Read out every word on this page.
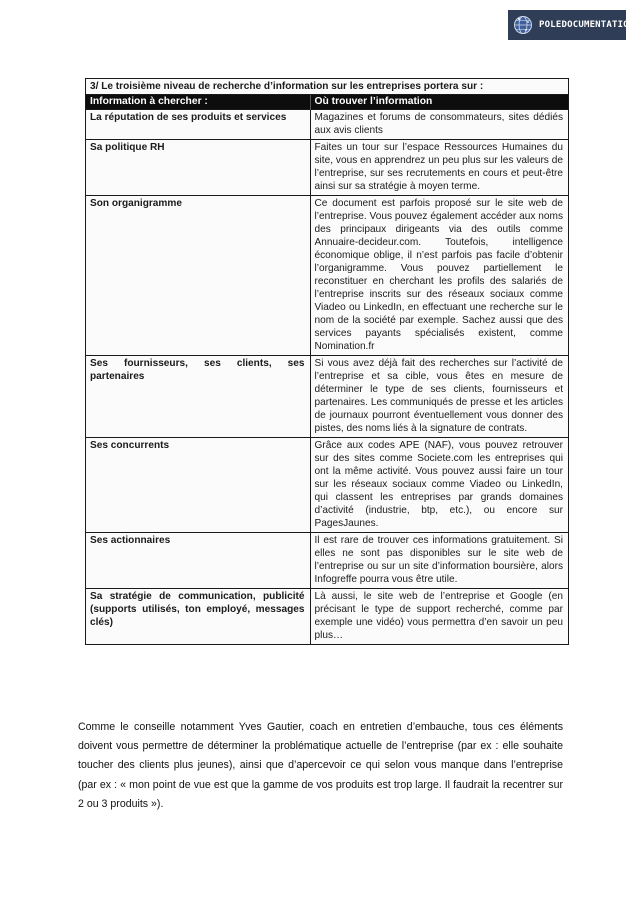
POLEDOCUMENTATION
3/ Le troisième niveau de recherche d’information sur les entreprises portera sur :
Information à chercher :	Où trouver l’information
La réputation de ses produits et services	Magazines et forums de consommateurs, sites dédiés aux avis clients
Sa politique RH	Faites un tour sur l’espace Ressources Humaines du site, vous en apprendrez un peu plus sur les valeurs de l’entreprise, sur ses recrutements en cours et peut-être ainsi sur sa stratégie à moyen terme.
Son organigramme	Ce document est parfois proposé sur le site web de l’entreprise. Vous pouvez également accéder aux noms des principaux dirigeants via des outils comme Annuaire-decideur.com. Toutefois, intelligence économique oblige, il n’est parfois pas facile d’obtenir l’organigramme. Vous pouvez partiellement le reconstituer en cherchant les profils des salariés de l’entreprise inscrits sur des réseaux sociaux comme Viadeo ou LinkedIn, en effectuant une recherche sur le nom de la société par exemple. Sachez aussi que des services payants spécialisés existent, comme Nomination.fr
Ses fournisseurs, ses clients, ses partenaires	Si vous avez déjà fait des recherches sur l’activité de l’entreprise et sa cible, vous êtes en mesure de déterminer le type de ses clients, fournisseurs et partenaires. Les communiqués de presse et les articles de journaux pourront éventuellement vous donner des pistes, des noms liés à la signature de contrats.
Ses concurrents	Grâce aux codes APE (NAF), vous pouvez retrouver sur des sites comme Societe.com les entreprises qui ont la même activité. Vous pouvez aussi faire un tour sur les réseaux sociaux comme Viadeo ou LinkedIn, qui classent les entreprises par grands domaines d’activité (industrie, btp, etc.), ou encore sur PagesJaunes.
Ses actionnaires	Il est rare de trouver ces informations gratuitement. Si elles ne sont pas disponibles sur le site web de l’entreprise ou sur un site d’information boursière, alors Infogreffe pourra vous être utile.
Sa stratégie de communication, publicité (supports utilisés, ton employé, messages clés)	Là aussi, le site web de l’entreprise et Google (en précisant le type de support recherché, comme par exemple une vidéo) vous permettra d’en savoir un peu plus…

Comme le conseille notamment Yves Gautier, coach en entretien d’embauche, tous ces éléments doivent vous permettre de déterminer la problématique actuelle de l’entreprise (par ex : elle souhaite toucher des clients plus jeunes), ainsi que d’apercevoir ce qui selon vous manque dans l’entreprise (par ex : « mon point de vue est que la gamme de vos produits est trop large. Il faudrait la recentrer sur 2 ou 3 produits »).
